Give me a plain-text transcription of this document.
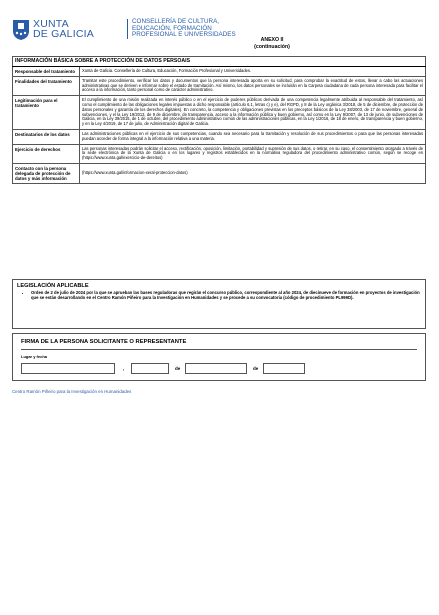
XUNTA
DE GALICIA
CONSELLERÍA DE CULTURA,
EDUCACIÓN, FORMACIÓN
PROFESIONAL E UNIVERSIDADES
ANEXO II
(continuación)
INFORMACIÓN BÁSICA SOBRE A PROTECCIÓN DE DATOS PERSOAIS	
Responsable del tratamiento	Xunta de Galicia. Consellería de Cultura, Educación, Formación Profesional y Universidades.
Finalidades del tratamiento	Tramitar este procedimiento, verificar los datos y documentos que la persona interesada aporta en su solicitud, para comprobar la exactitud de estos, llevar a cabo las actuaciones administrativas que se deriven e informar sobre el estado de tramitación. Así mismo, los datos personales se incluirán en la Carpeta ciudadana de cada persona interesada para facilitar el acceso a la información, tanto personal como de carácter administrativo.
Legitimación para el tratamiento	El cumplimiento de una misión realizada en interés público o en el ejercicio de poderes públicos derivada de una competencia legalmente atribuida al responsable del tratamiento, así como el cumplimiento de las obligaciones legales impuestas a dicho responsable (artículo 6.1, letras c) y e), del RGPD, y 8 de la Ley orgánica 3/2018, de 5 de diciembre, de protección de datos personales y garantía de los derechos digitales). En concreto, la competencia y obligaciones previstas en los preceptos básicos de la Ley 38/2003, de 17 de noviembre, general de subvenciones, y el la Ley 19/2013, de 9 de diciembre, de transparencia, acceso a la información pública y buen gobierno, así como en la Ley 9/2007, de 13 de junio, de subvenciones de Galicia, en la Ley 39/2015, de 1 de octubre, del procedimiento administrativo común de las administraciones públicas, en la Ley 1/2016, de 18 de enero, de transparencia y buen gobierno, y en la Ley 4/2019, de 17 de julio, de Administración digital de Galicia.
Destinatarios de los datos	Las administraciones públicas en el ejercicio de sus competencias, cuando sea necesario para la tramitación y resolución de sus procedimientos o para que las personas interesadas puedan acceder de forma integral a la información relativa a una materia.
Ejercicio de derechos	Las personas interesadas podrán solicitar el acceso, rectificación, oposición, limitación, portabilidad y supresión de sus datos, o retirar, en su caso, el consentimiento otorgado a través de la sede electrónica de la Xunta de Galicia o en los lugares y registros establecidos en la normativa reguladora del procedimiento administrativo común, según se recoge en (https://www.xunta.gal/exercicio-de-dereitos)
Contacto con la persona delegada de protección de datos y más información	(https://www.xunta.gal/informacion-xeral-proteccion-datos)
LEGISLACIÓN APLICABLE
• Orden de 2 de julio de 2024 por la que se aprueban las bases reguladoras que regirán el concurso público, correspondiente al año 2024, de diecinueve de formación en proyectos de investigación que se están desarrollando en el Centro Ramón Piñeiro para la Investigación en Humanidades y se procede a su convocatoria (código de procedimiento PL999D).
FIRMA DE LA PERSONA SOLICITANTE O REPRESENTANTE
Lugar y fecha
,	de	de
Centro Ramón Piñeiro para la Investigación en Humanidades
